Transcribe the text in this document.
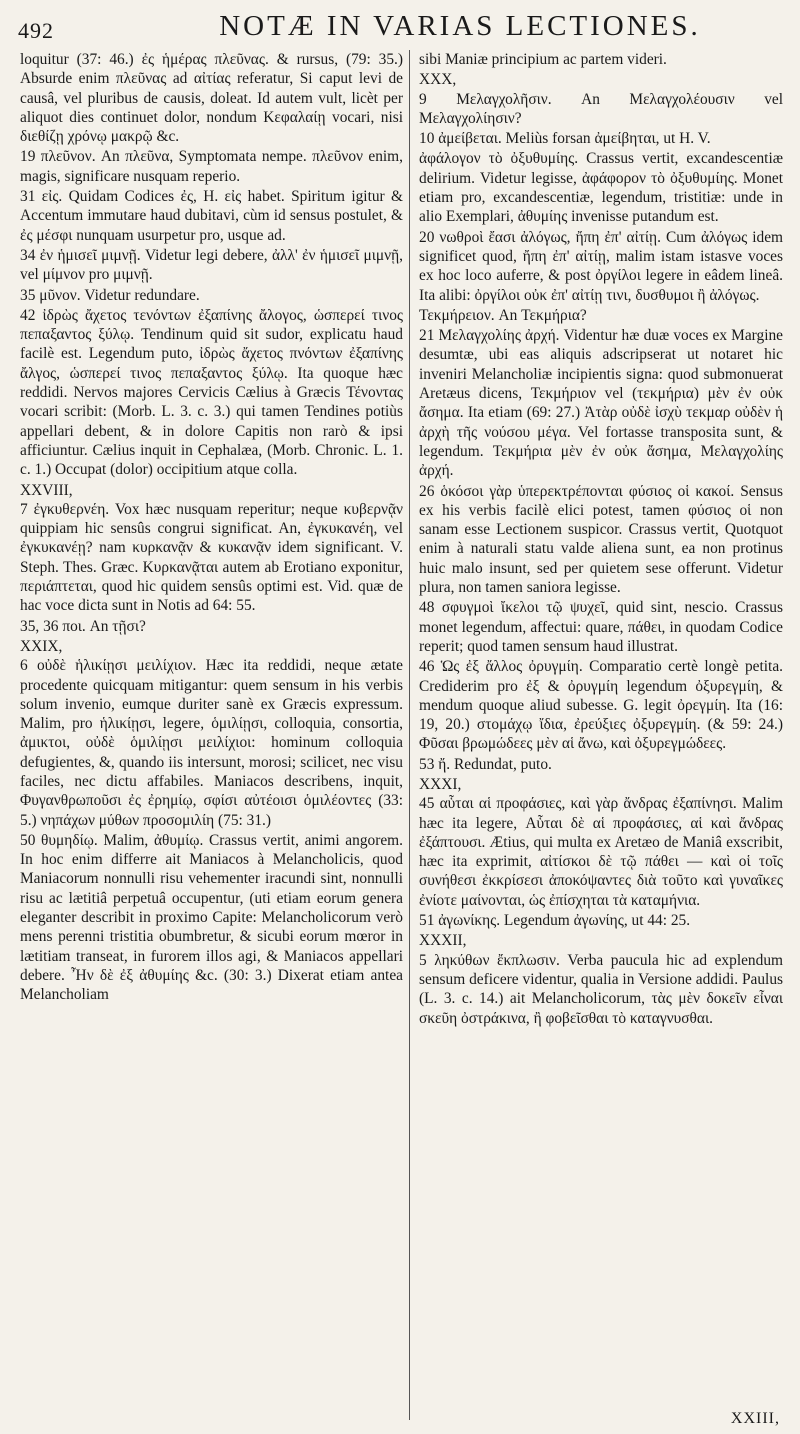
492	NOTÆ IN VARIAS LECTIONES.

loquitur (37: 46.) ἐς ἡμέρας πλεῦνας. & rursus, (79: 35.) Absurde enim πλεῦνας ad αἰτίας referatur, Si caput levi de causâ, vel pluribus de causis, doleat. Id autem vult, licèt per aliquot dies continuet dolor, nondum Κεφαλαίῃ vocari, nisi διεθίζῃ χρόνῳ μακρῷ &c.

19 πλεῦνον. An πλεῦνα, Symptomata nempe. πλεῦνον enim, magis, significare nusquam reperio.

31 εἰς. Quidam Codices ἐς, H. εἰς habet. Spiritum igitur & Accentum immutare haud dubitavi, cùm id sensus postulet, & ἐς μέσφι nunquam usurpetur pro, usque ad.

34 ἐν ἡμισεῖ μιμνῇ. Videtur legi debere, ἀλλ' ἐν ἡμισεῖ μιμνῇ, vel μίμνον pro μιμνῇ.

35 μῦνον. Videtur redundare.

42 ἰδρὼς ἄχετος τενόντων ἐξαπίνης ἄλογος, ὡσπερεί τινος πεπαξαντος ξύλῳ. Tendinum quid sit sudor, explicatu haud facilè est. Legendum puto, ἰδρὼς ἄχετος πνόντων ἐξαπίνης ἄλγος, ὡσπερεί τινος πεπαξαντος ξύλῳ. Ita quoque hæc reddidi. Nervos majores Cervicis Cælius à Græcis Τένοντας vocari scribit: (Morb. L. 3. c. 3.) qui tamen Tendines potiùs appellari debent, & in dolore Capitis non rarò & ipsi afficiuntur. Cælius inquit in Cephalæa, (Morb. Chronic. L. 1. c. 1.) Occupat (dolor) occipitium atque colla.

XXVIII,

7 ἐγκυθερνέη. Vox hæc nusquam reperitur; neque κυβερνᾷν quippiam hic sensûs congrui significat. An, ἐγκυκανέη, vel ἐγκυκανέῃ? nam κυρκανᾷν & κυκανᾷν idem significant. V. Steph. Thes. Græc. Κυρκανᾷται autem ab Erotiano exponitur, περιάπτεται, quod hic quidem sensûs optimi est. Vid. quæ de hac voce dicta sunt in Notis ad 64: 55.

35, 36 ποι. An τῇσι?

XXIX,

6 οὐδὲ ἡλικίῃσι μειλίχιον. Hæc ita reddidi, neque ætate procedente quicquam mitigantur: quem sensum in his verbis solum invenio, eumque duriter sanè ex Græcis expressum. Malim, pro ἡλικίῃσι, legere, ὁμιλίῃσι, colloquia, consortia, ἀμικτοι, οὐδὲ ὁμιλίῃσι μειλίχιοι: hominum colloquia defugientes, &, quando iis intersunt, morosi; scilicet, nec visu faciles, nec dictu affabiles. Maniacos describens, inquit, Φυγανθρωποῦσι ἐς ἐρημίῳ, σφίσι αὐτέοισι ὁμιλέοντες (33: 5.) νηπάχων μύθων προσομιλίη (75: 31.)

50 θυμηδίῳ. Malim, ἀθυμίῳ. Crassus vertit, animi angorem. In hoc enim differre ait Maniacos à Melancholicis, quod Maniacorum nonnulli risu vehementer iracundi sint, nonnulli risu ac lætitiâ perpetuâ occupentur, (uti etiam eorum genera eleganter describit in proximo Capite: Melancholicorum verò mens perenni tristitia obumbretur, & sicubi eorum mœror in lætitiam transeat, in furorem illos agi, & Maniacos appellari debere. Ἦν δὲ ἐξ ἀθυμίης &c. (30: 3.) Dixerat etiam antea Melancholiam

sibi Maniæ principium ac partem videri.

XXX,

9 Μελαγχολῆσιν. An Μελαγχολέουσιν vel Μελαγχολίησιν?

10 ἀμείβεται. Meliùs forsan ἀμείβηται, ut H. V.

ἀφάλογον τὸ ὀξυθυμίης. Crassus vertit, excandescentiæ delirium. Videtur legisse, ἀφάφορον τὸ ὀξυθυμίης. Monet etiam pro, excandescentiæ, legendum, tristitiæ: unde in alio Exemplari, ἀθυμίης invenisse putandum est.

20 νωθροὶ ἔασι ἀλόγως, ἤπη ἐπ' αἰτίῃ. Cum ἀλόγως idem significet quod, ἤπη ἐπ' αἰτίῃ, malim istam istasve voces ex hoc loco auferre, & post ὀργίλοι legere in eâdem lineâ. Ita alibi: ὀργίλοι οὐκ ἐπ' αἰτίῃ τινι, δυσθυμοι ἢ ἀλόγως.

Τεκμήρειον. An Τεκμήρια?

21 Μελαγχολίης ἀρχή. Videntur hæ duæ voces ex Margine desumtæ, ubi eas aliquis adscripserat ut notaret hic inveniri Melancholiæ incipientis signa: quod submonuerat Aretæus dicens, Τεκμήριον vel (τεκμήρια) μὲν ἐν οὐκ ἄσημα. Ita etiam (69: 27.) Ἀτὰρ οὐδὲ ἰσχὺ τεκμαρ οὐδὲν ἡ ἀρχὴ τῆς νούσου μέγα. Vel fortasse transposita sunt, & legendum. Τεκμήρια μὲν ἐν οὐκ ἄσημα, Μελαγχολίης ἀρχή.

26 ὁκόσοι γὰρ ὑπερεκτρέπονται φύσιος οἱ κακοί. Sensus ex his verbis facilè elici potest, tamen φύσιος οἱ non sanam esse Lectionem suspicor. Crassus vertit, Quotquot enim à naturali statu valde aliena sunt, ea non protinus huic malo insunt, sed per quietem sese offerunt. Videtur plura, non tamen saniora legisse.

48 σφυγμοὶ ἴκελοι τῷ ψυχεῖ, quid sint, nescio. Crassus monet legendum, affectui: quare, πάθει, in quodam Codice reperit; quod tamen sensum haud illustrat.

46 Ὡς ἐξ ἄλλος ὀρυγμίη. Comparatio certè longè petita. Crediderim pro ἐξ & ὀρυγμίη legendum ὀξυρεγμίη, & mendum quoque aliud subesse. G. legit ὀρεγμίη. Ita (16: 19, 20.) στομάχῳ ἴδια, ἐρεύξιες ὀξυρεγμίη. (& 59: 24.) Φῦσαι βρωμώδεες μὲν αἱ ἄνω, καὶ ὀξυρεγμώδεες.

53 ἤ. Redundat, puto.

XXXI,

45 αὗται αἱ προφάσιες, καὶ γὰρ ἄνδρας ἐξαπίνησι. Malim hæc ita legere, Αὗται δὲ αἱ προφάσιες, αἱ καὶ ἄνδρας ἐξάπτουσι. Ætius, qui multa ex Aretæo de Maniâ exscribit, hæc ita exprimit, αἰτίσκοι δὲ τῷ πάθει — καὶ οἱ τοῖς συνήθεσι ἐκκρίσεσι ἀποκόψαντες διὰ τοῦτο καὶ γυναῖκες ἐνίοτε μαίνονται, ὡς ἐπίσχηται τὰ καταμήνια.

51 ἀγωνίκης. Legendum ἀγωνίης, ut 44: 25.

XXXII,

5 ληκύθων ἔκπλωσιν. Verba paucula hic ad explendum sensum deficere videntur, qualia in Versione addidi. Paulus (L. 3. c. 14.) ait Melancholicorum, τὰς μὲν δοκεῖν εἶναι σκεῦη ὀστράκινα, ἢ φοβεῖσθαι τὸ καταγνυσθαι.

XXIII,
